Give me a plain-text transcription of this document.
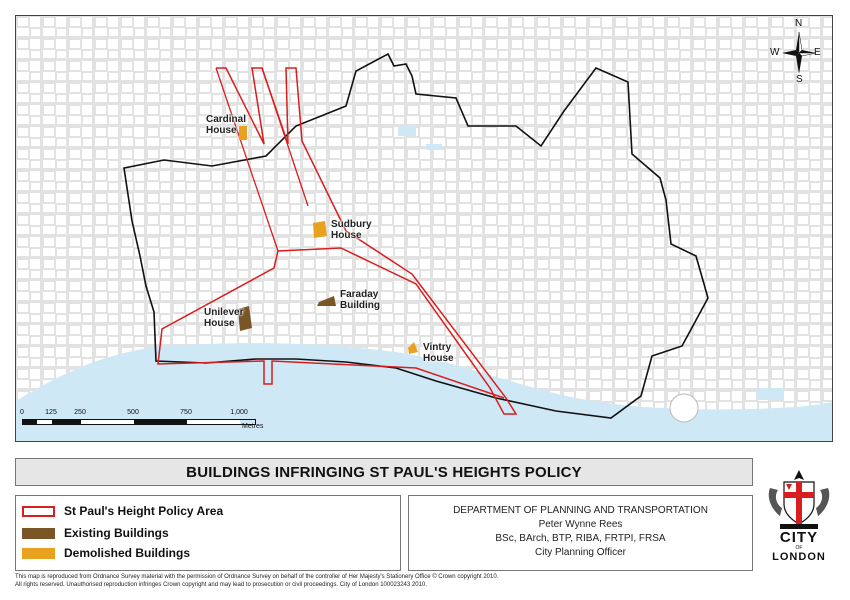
Cardinal
House
Sudbury
House
Faraday
Building
Unilever
House
Vintry
House
N
E
S
W
0	125 250	500	750	1,000
Metres
BUILDINGS INFRINGING ST PAUL'S HEIGHTS POLICY
St Paul's Height Policy Area
Existing Buildings
Demolished Buildings
DEPARTMENT OF PLANNING AND TRANSPORTATION
Peter Wynne Rees
BSc, BArch, BTP, RIBA, FRTPI, FRSA
City Planning Officer
CITY
OF
LONDON
This map is reproduced from Ordnance Survey material with the permission of Ordnance Survey on behalf of the controller of Her Majesty's Stationery Office © Crown copyright 2010.
All rights reserved. Unauthorised reproduction infringes Crown copyright and may lead to prosecution or civil proceedings. City of London 100023243 2010.
